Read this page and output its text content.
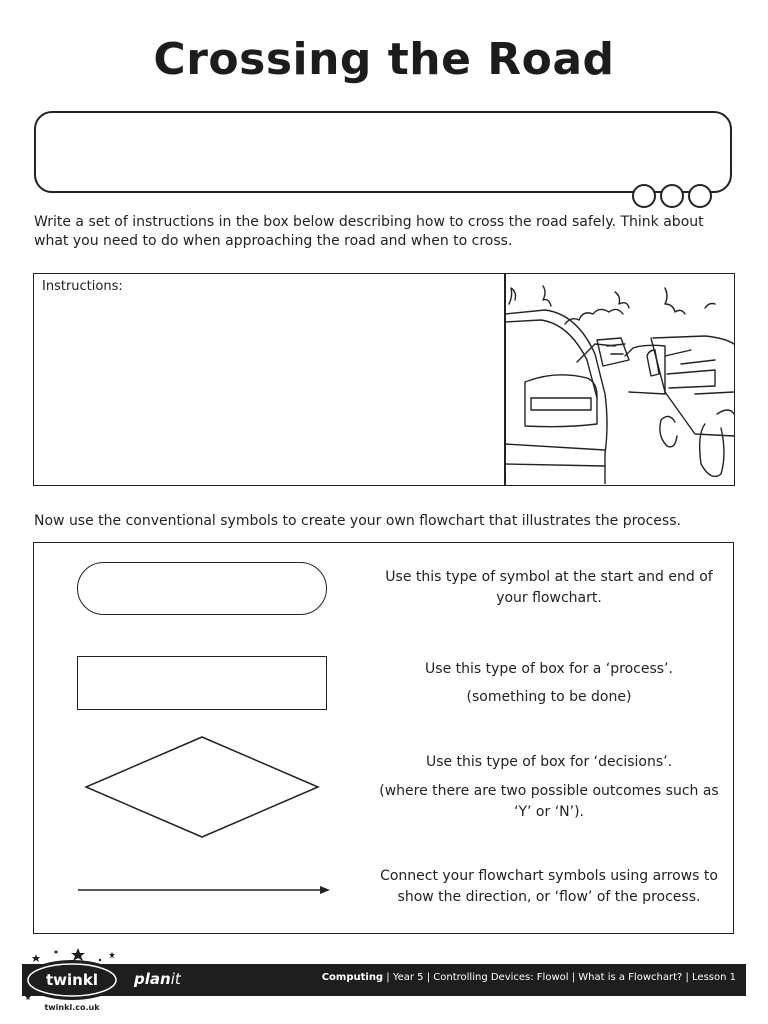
Crossing the Road
Write a set of instructions in the box below describing how to cross the road safely. Think about what you need to do when approaching the road and when to cross.
Instructions:
Now use the conventional symbols to create your own flowchart that illustrates the process.

Use this type of symbol at the start and end of your flowchart.

Use this type of box for a ‘process’.

(something to be done)

Use this type of box for ‘decisions’.

(where there are two possible outcomes such as ‘Y’ or ‘N’).

Connect your flowchart symbols using arrows to show the direction, or ‘flow’ of the process.

Computing | Year 5 | Controlling Devices: Flowol | What is a Flowchart? | Lesson 1
planit
twinkl
twinkl.co.uk
